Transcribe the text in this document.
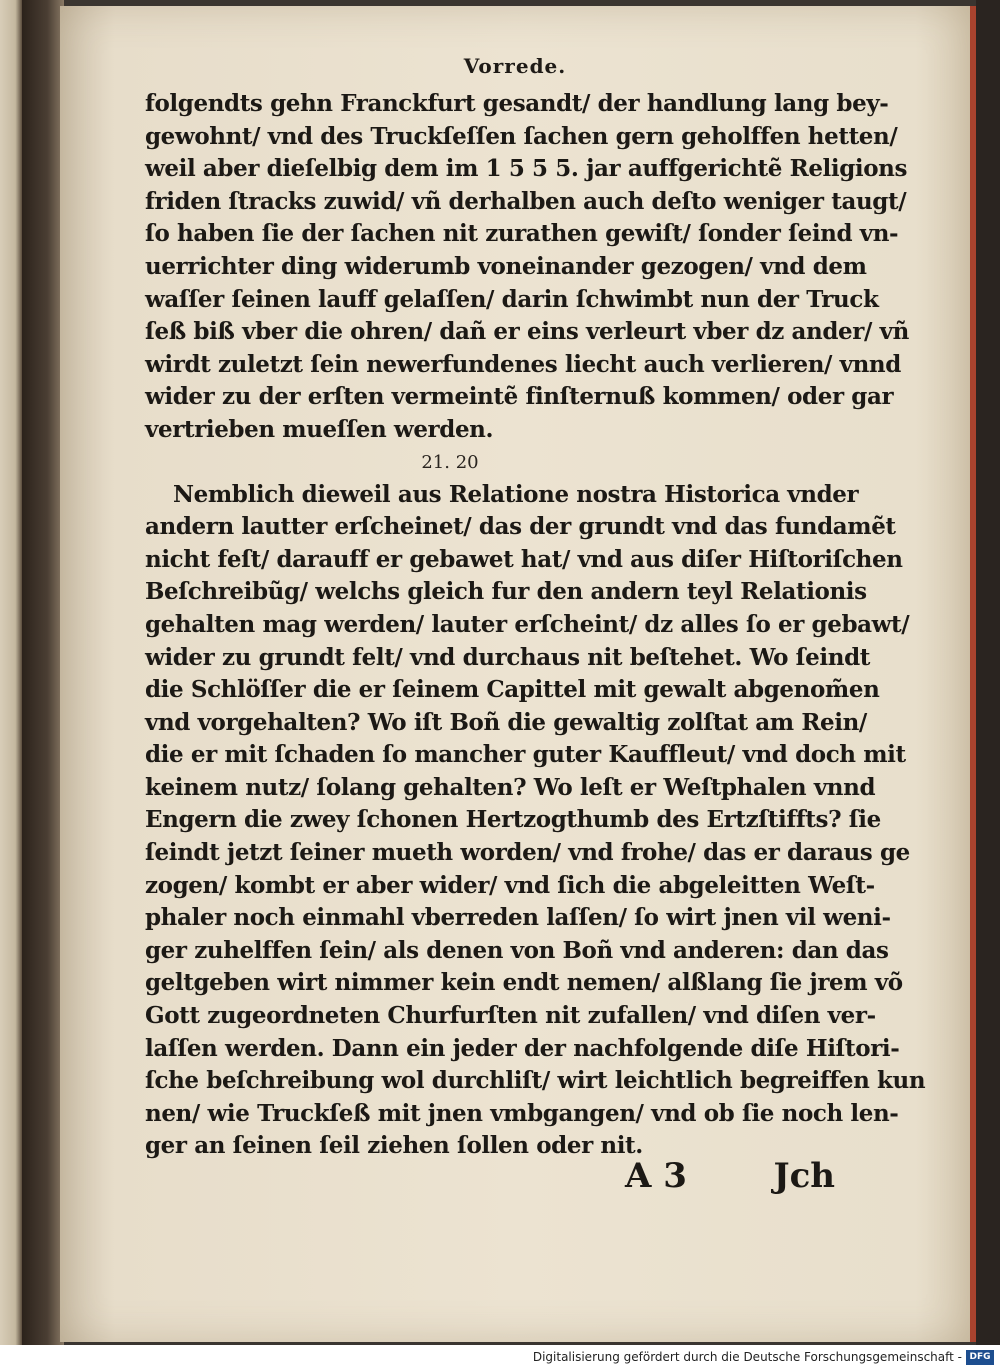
Vorrede.
folgendts gehn Franckfurt gesandt/ der handlung lang bey-
gewohnt/ vnd des Truckſeſſen ſachen gern geholffen hetten/
weil aber dieſelbig dem im 1 5 5 5. jar auffgerichtẽ Religions
friden ſtracks zuwid/ vñ derhalben auch deſto weniger taugt/
ſo haben ſie der ſachen nit zurathen gewiſt/ ſonder ſeind vn-
uerrichter ding widerumb voneinander gezogen/ vnd dem
waſſer ſeinen lauff gelaſſen/ darin ſchwimbt nun der Truck
ſeß biß vber die ohren/ dañ er eins verleurt vber dz ander/ vñ
wirdt zuletzt ſein newerfundenes liecht auch verlieren/ vnnd
wider zu der erſten vermeintẽ finſternuß kommen/ oder gar
vertrieben mueſſen werden.
21. 20
Nemblich dieweil aus Relatione nostra Historica vnder
andern lautter erſcheinet/ das der grundt vnd das fundamẽt
nicht feſt/ darauff er gebawet hat/ vnd aus diſer Hiſtoriſchen
Beſchreibũg/ welchs gleich fur den andern teyl Relationis
gehalten mag werden/ lauter erſcheint/ dz alles ſo er gebawt/
wider zu grundt felt/ vnd durchaus nit beſtehet. Wo ſeindt
die Schlöſſer die er ſeinem Capittel mit gewalt abgenom̃en
vnd vorgehalten? Wo iſt Boñ die gewaltig zolſtat am Rein/
die er mit ſchaden ſo mancher guter Kauffleut/ vnd doch mit
keinem nutz/ ſolang gehalten? Wo leſt er Weſtphalen vnnd
Engern die zwey ſchonen Hertzogthumb des Ertzſtiffts? ſie
ſeindt jetzt ſeiner mueth worden/ vnd frohe/ das er daraus ge
zogen/ kombt er aber wider/ vnd ſich die abgeleitten Weſt-
phaler noch einmahl vberreden laſſen/ ſo wirt jnen vil weni-
ger zuhelffen ſein/ als denen von Boñ vnd anderen: dan das
geltgeben wirt nimmer kein endt nemen/ alßlang ſie jrem võ
Gott zugeordneten Churfurſten nit zufallen/ vnd diſen ver-
laſſen werden. Dann ein jeder der nachfolgende diſe Hiſtori-
ſche beſchreibung wol durchliſt/ wirt leichtlich begreiffen kun
nen/ wie Truckſeß mit jnen vmbgangen/ vnd ob ſie noch len-
ger an ſeinen ſeil ziehen ſollen oder nit.
A 3	Jch
Digitalisierung gefördert durch die Deutsche Forschungsgemeinschaft - DFG
